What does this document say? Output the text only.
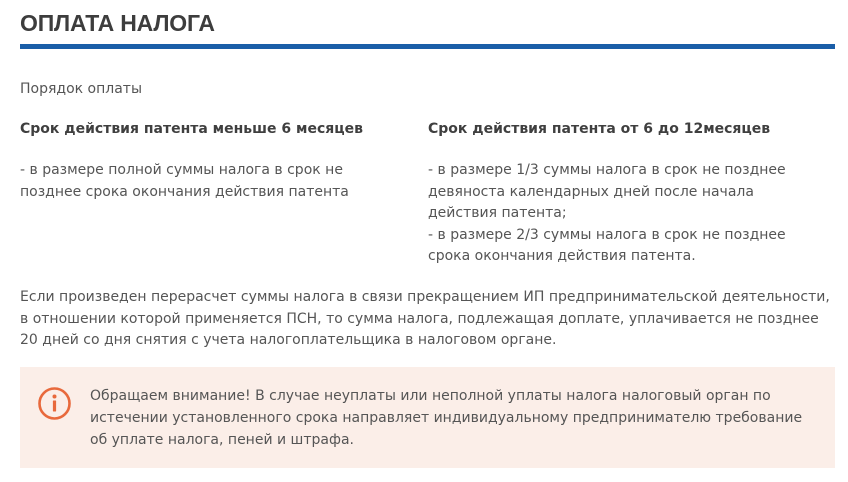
ОПЛАТА НАЛОГА
Порядок оплаты
Срок действия патента меньше 6 месяцев

- в размере полной суммы налога в срок не позднее срока окончания действия патента

Срок действия патента от 6 до 12месяцев

- в размере 1/3 суммы налога в срок не позднее девяноста календарных дней после начала действия патента;
- в размере 2/3 суммы налога в срок не позднее срока окончания действия патента.

Если произведен перерасчет суммы налога в связи прекращением ИП предпринимательской деятельности, в отношении которой применяется ПСН, то сумма налога, подлежащая доплате, уплачивается не позднее 20 дней со дня снятия с учета налогоплательщика в налоговом органе.

Обращаем внимание! В случае неуплаты или неполной уплаты налога налоговый орган по истечении установленного срока направляет индивидуальному предпринимателю требование об уплате налога, пеней и штрафа.
